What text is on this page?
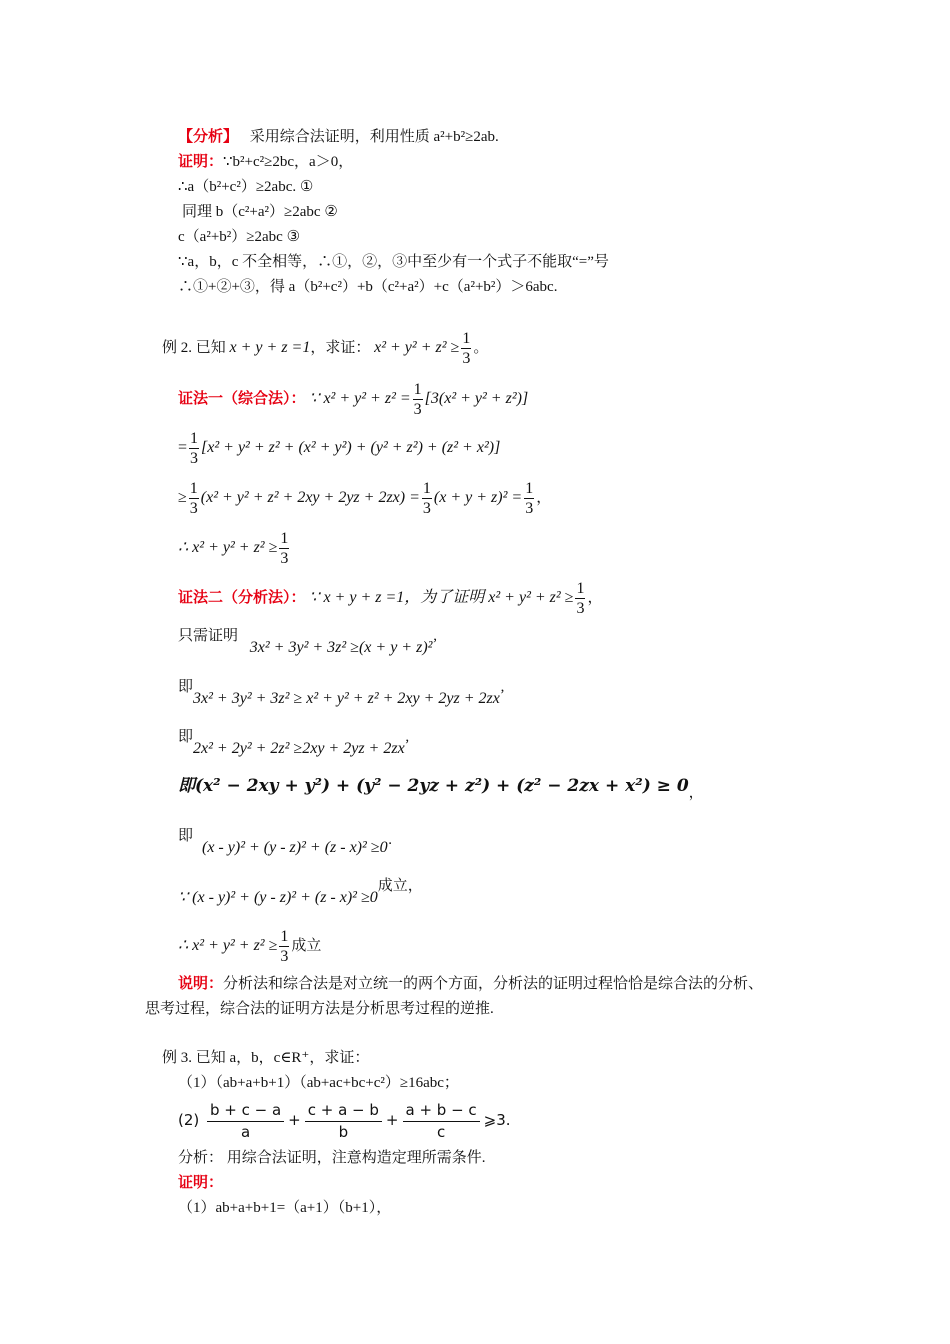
【分析】 采用综合法证明，利用性质 a²+b²≥2ab.
证明：∵b²+c²≥2bc，a＞0，
∴a（b²+c²）≥2abc. ①
同理 b（c²+a²）≥2abc ②
c（a²+b²）≥2abc ③
∵a，b，c 不全相等，∴①，②，③中至少有一个式子不能取“=”号
∴①+②+③，得 a（b²+c²）+b（c²+a²）+c（a²+b²）＞6abc.
例 2. 已知 x + y + z =1，求证： $x^2 + y^2 + z^2 \ge \frac{1}{3}$ 。
证法一（综合法）： ∵ $x^2 + y^2 + z^2 = \frac{1}{3} [3(x^2 + y^2 + z^2)]$
= $\frac{1}{3} [x^2 + y^2 + z^2 + (x^2 + y^2) + (y^2 + z^2) + (z^2 + x^2)]$
≥ $\frac{1}{3} (x^2 + y^2 + z^2 + 2xy + 2yz + 2zx) = \frac{1}{3} (x + y + z)^2 = \frac{1}{3}$ ，
∴ $x^2 + y^2 + z^2 \ge \frac{1}{3}$
证法二（分析法）： ∵ x + y + z =1，为了证明 $x^2 + y^2 + z^2 \ge \frac{1}{3}$ ，
只需证明 3x² + 3y² + 3z² ≥(x + y + z)²’
即3x² + 3y² + 3z² ≥ x² + y² + z² + 2xy + 2yz + 2zx’
即2x² + 2y² + 2z² ≥2xy + 2yz + 2zx’
即(x² − 2xy + y²) + (y² − 2yz + z²) + (z² − 2zx + x²) ≥ 0，
即
(x - y)² + (y - z)² + (z - x)² ≥0·
∵ (x - y)² + (y - z)² + (z - x)² ≥0成立，
∴ $x^2 + y^2 + z^2 \ge \frac{1}{3}$ 成立
说明：分析法和综合法是对立统一的两个方面，分析法的证明过程恰恰是综合法的分析、
思考过程，综合法的证明方法是分析思考过程的逆推.
例 3. 已知 a，b，c∈R⁺，求证：
（1）（ab+a+b+1）（ab+ac+bc+c²）≥16abc；
$(2) \frac{b + c - a}{a} + \frac{c + a - b}{b} + \frac{a + b - c}{c}$ ⩾3.
分析： 用综合法证明，注意构造定理所需条件.
证明：
（1）ab+a+b+1=（a+1）（b+1），
